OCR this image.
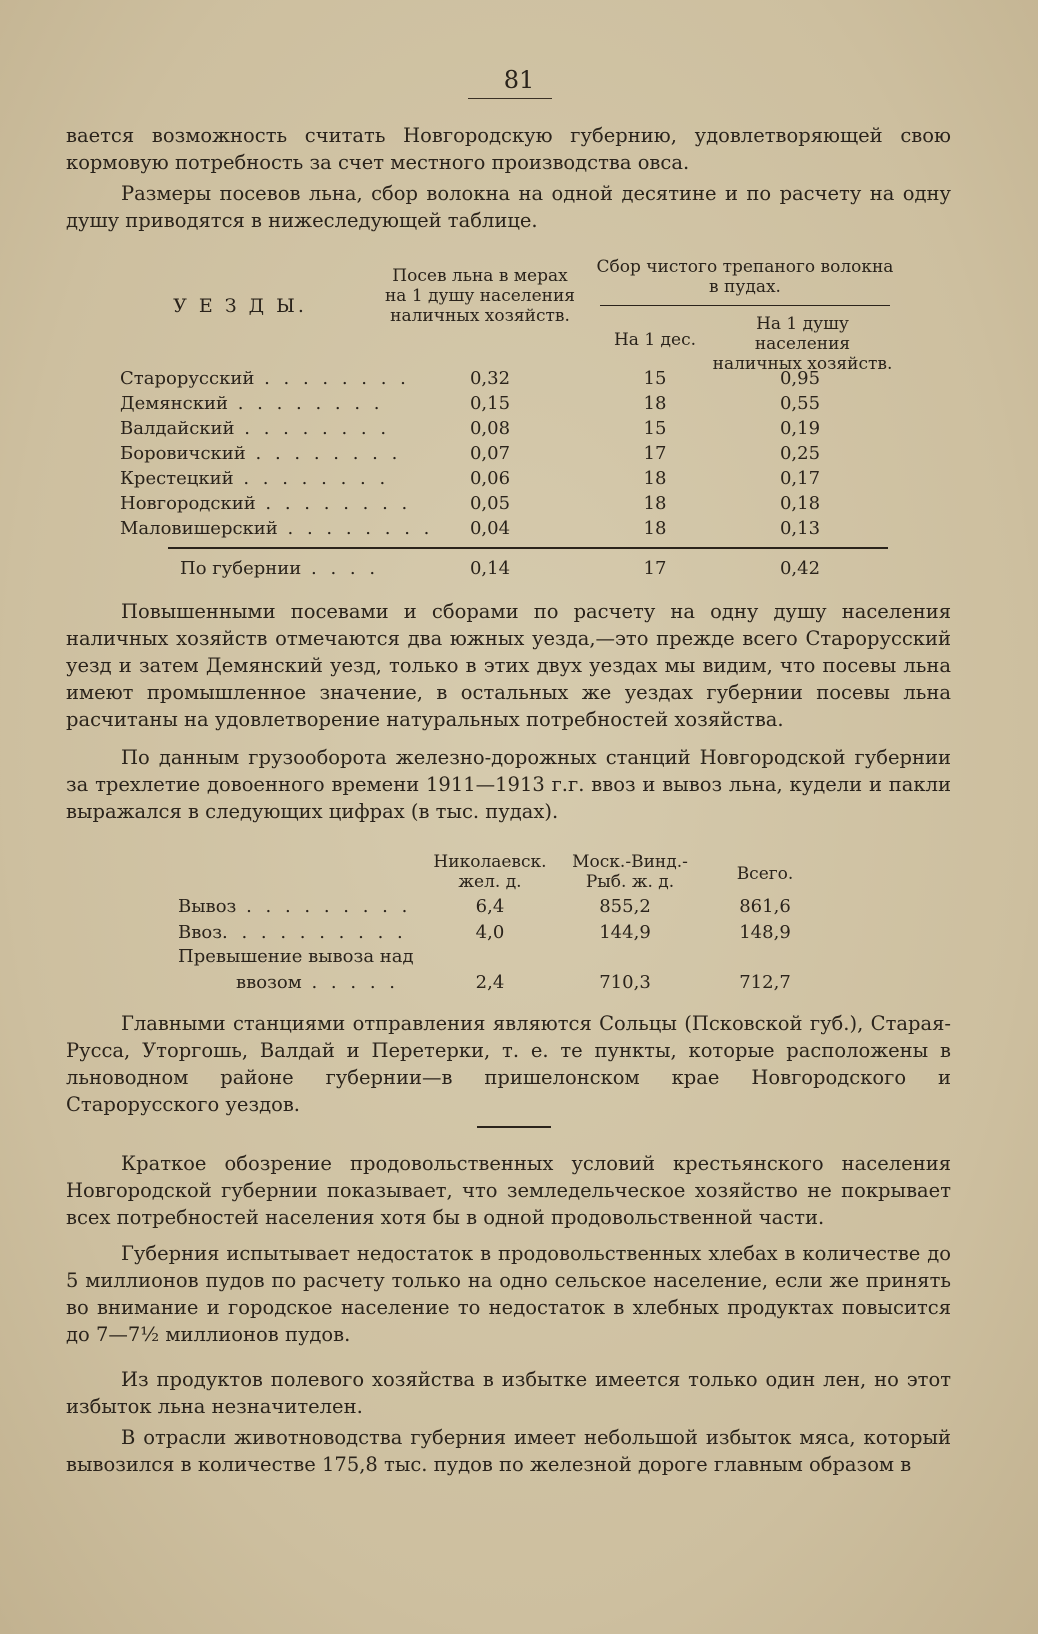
81
вается возможность считать Новгородскую губернию, удовлетворяющей свою кормовую потребность за счет местного производства овса.
Размеры посевов льна, сбор волокна на одной десятине и по расчету на одну душу приводятся в нижеследующей таблице.
У Е З Д Ы.
Посев льна в мерах на 1 душу населения наличных хозяйств.
Сбор чистого трепаного волокна в пудах.
На 1 дес.
На 1 душу населения наличных хозяйств.
Старорусский . . . . . . . .	0,32	15	0,95
Демянский . . . . . . . .	0,15	18	0,55
Валдайский . . . . . . . .	0,08	15	0,19
Боровичский . . . . . . . .	0,07	17	0,25
Крестецкий . . . . . . . .	0,06	18	0,17
Новгородский . . . . . . . .	0,05	18	0,18
Маловишерский . . . . . . . .	0,04	18	0,13
По губернии . . . .	0,14	17	0,42
Повышенными посевами и сборами по расчету на одну душу населения наличных хозяйств отмечаются два южных уезда,—это прежде всего Старорусский уезд и затем Демянский уезд, только в этих двух уездах мы видим, что посевы льна имеют промышленное значение, в остальных же уездах губернии посевы льна расчитаны на удовлетворение натуральных потребностей хозяйства.
По данным грузооборота железно-дорожных станций Новгородской губернии за трехлетие довоенного времени 1911—1913 г.г. ввоз и вывоз льна, кудели и пакли выражался в следующих цифрах (в тыс. пудах).
Николаевск. жел. д.
Моск.-Винд.-Рыб. ж. д.	Всего.
Вывоз . . . . . . . . .	6,4	855,2	861,6
Ввоз. . . . . . . . . .	4,0	144,9	148,9
Превышение вывоза над
ввозом . . . . .	2,4	710,3	712,7
Главными станциями отправления являются Сольцы (Псковской губ.), Старая-Русса, Уторгошь, Валдай и Перетерки, т. е. те пункты, которые расположены в льноводном районе губернии—в пришелонском крае Новгородского и Старорусского уездов.
Краткое обозрение продовольственных условий крестьянского населения Новгородской губернии показывает, что земледельческое хозяйство не покрывает всех потребностей населения хотя бы в одной продовольственной части.
Губерния испытывает недостаток в продовольственных хлебах в количестве до 5 миллионов пудов по расчету только на одно сельское население, если же принять во внимание и городское население то недостаток в хлебных продуктах повысится до 7—7½ миллионов пудов.
Из продуктов полевого хозяйства в избытке имеется только один лен, но этот избыток льна незначителен.
В отрасли животноводства губерния имеет небольшой избыток мяса, который вывозился в количестве 175,8 тыс. пудов по железной дороге главным образом в
